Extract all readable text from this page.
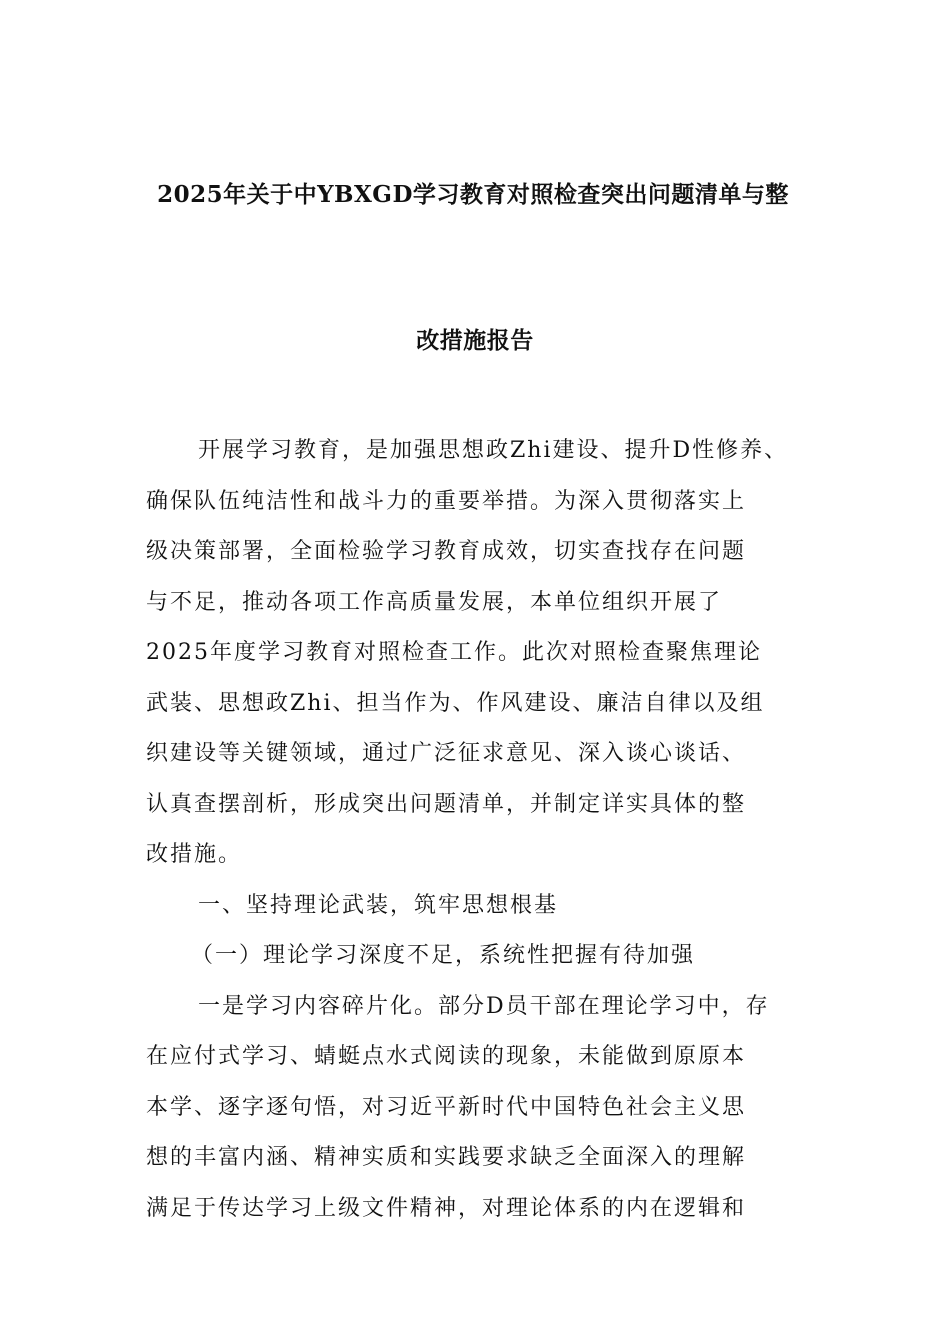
2025年关于中YBXGD学习教育对照检查突出问题清单与整
改措施报告
开展学习教育，是加强思想政Zhi建设、提升D性修养、
确保队伍纯洁性和战斗力的重要举措。为深入贯彻落实上
级决策部署，全面检验学习教育成效，切实查找存在问题
与不足，推动各项工作高质量发展，本单位组织开展了
2025年度学习教育对照检查工作。此次对照检查聚焦理论
武装、思想政Zhi、担当作为、作风建设、廉洁自律以及组
织建设等关键领域，通过广泛征求意见、深入谈心谈话、
认真查摆剖析，形成突出问题清单，并制定详实具体的整
改措施。
一、坚持理论武装，筑牢思想根基
（一）理论学习深度不足，系统性把握有待加强
一是学习内容碎片化。部分D员干部在理论学习中，存
在应付式学习、蜻蜓点水式阅读的现象，未能做到原原本
本学、逐字逐句悟，对习近平新时代中国特色社会主义思
想的丰富内涵、精神实质和实践要求缺乏全面深入的理解
满足于传达学习上级文件精神，对理论体系的内在逻辑和
